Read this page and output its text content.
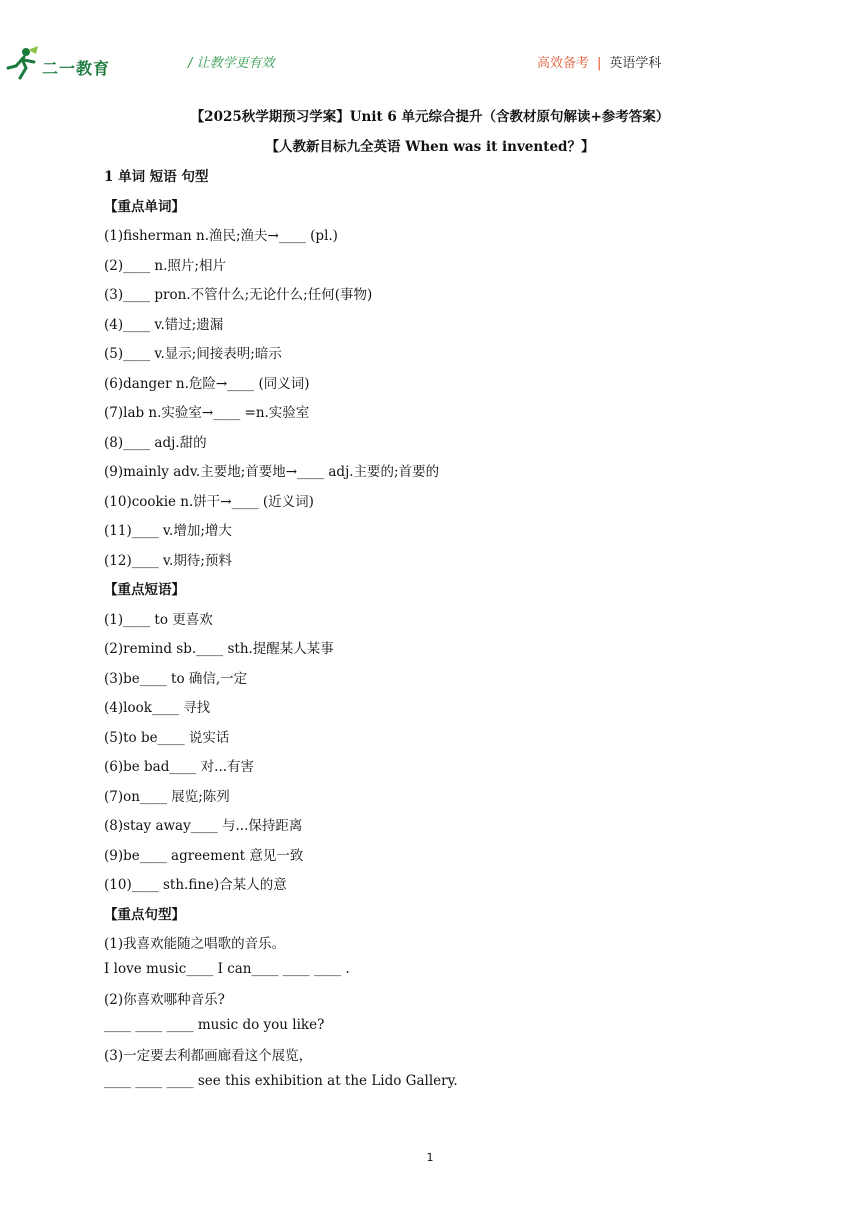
二一教育	/ 让教学更有效	高效备考 | 英语学科
【2025秋学期预习学案】Unit 6 单元综合提升（含教材原句解读+参考答案）
【人教新目标九全英语 When was it invented？】
1 单词 短语 句型
【重点单词】
(1)fisherman n.渔民;渔夫→____ (pl.)
(2)____ n.照片;相片
(3)____ pron.不管什么;无论什么;任何(事物)
(4)____ v.错过;遗漏
(5)____ v.显示;间接表明;暗示
(6)danger n.危险→____ (同义词)
(7)lab n.实验室→____ =n.实验室
(8)____ adj.甜的
(9)mainly adv.主要地;首要地→____ adj.主要的;首要的
(10)cookie n.饼干→____ (近义词)
(11)____ v.增加;增大
(12)____ v.期待;预料
【重点短语】
(1)____ to 更喜欢
(2)remind sb.____ sth.提醒某人某事
(3)be____ to 确信,一定
(4)look____ 寻找
(5)to be____ 说实话
(6)be bad____ 对...有害
(7)on____ 展览;陈列
(8)stay away____ 与...保持距离
(9)be____ agreement 意见一致
(10)____ sth.fine)合某人的意
【重点句型】
(1)我喜欢能随之唱歌的音乐。
I love music____ I can____ ____ ____ .
(2)你喜欢哪种音乐?
____ ____ ____ music do you like?
(3)一定要去利都画廊看这个展览，
____ ____ ____ see this exhibition at the Lido Gallery.
1
